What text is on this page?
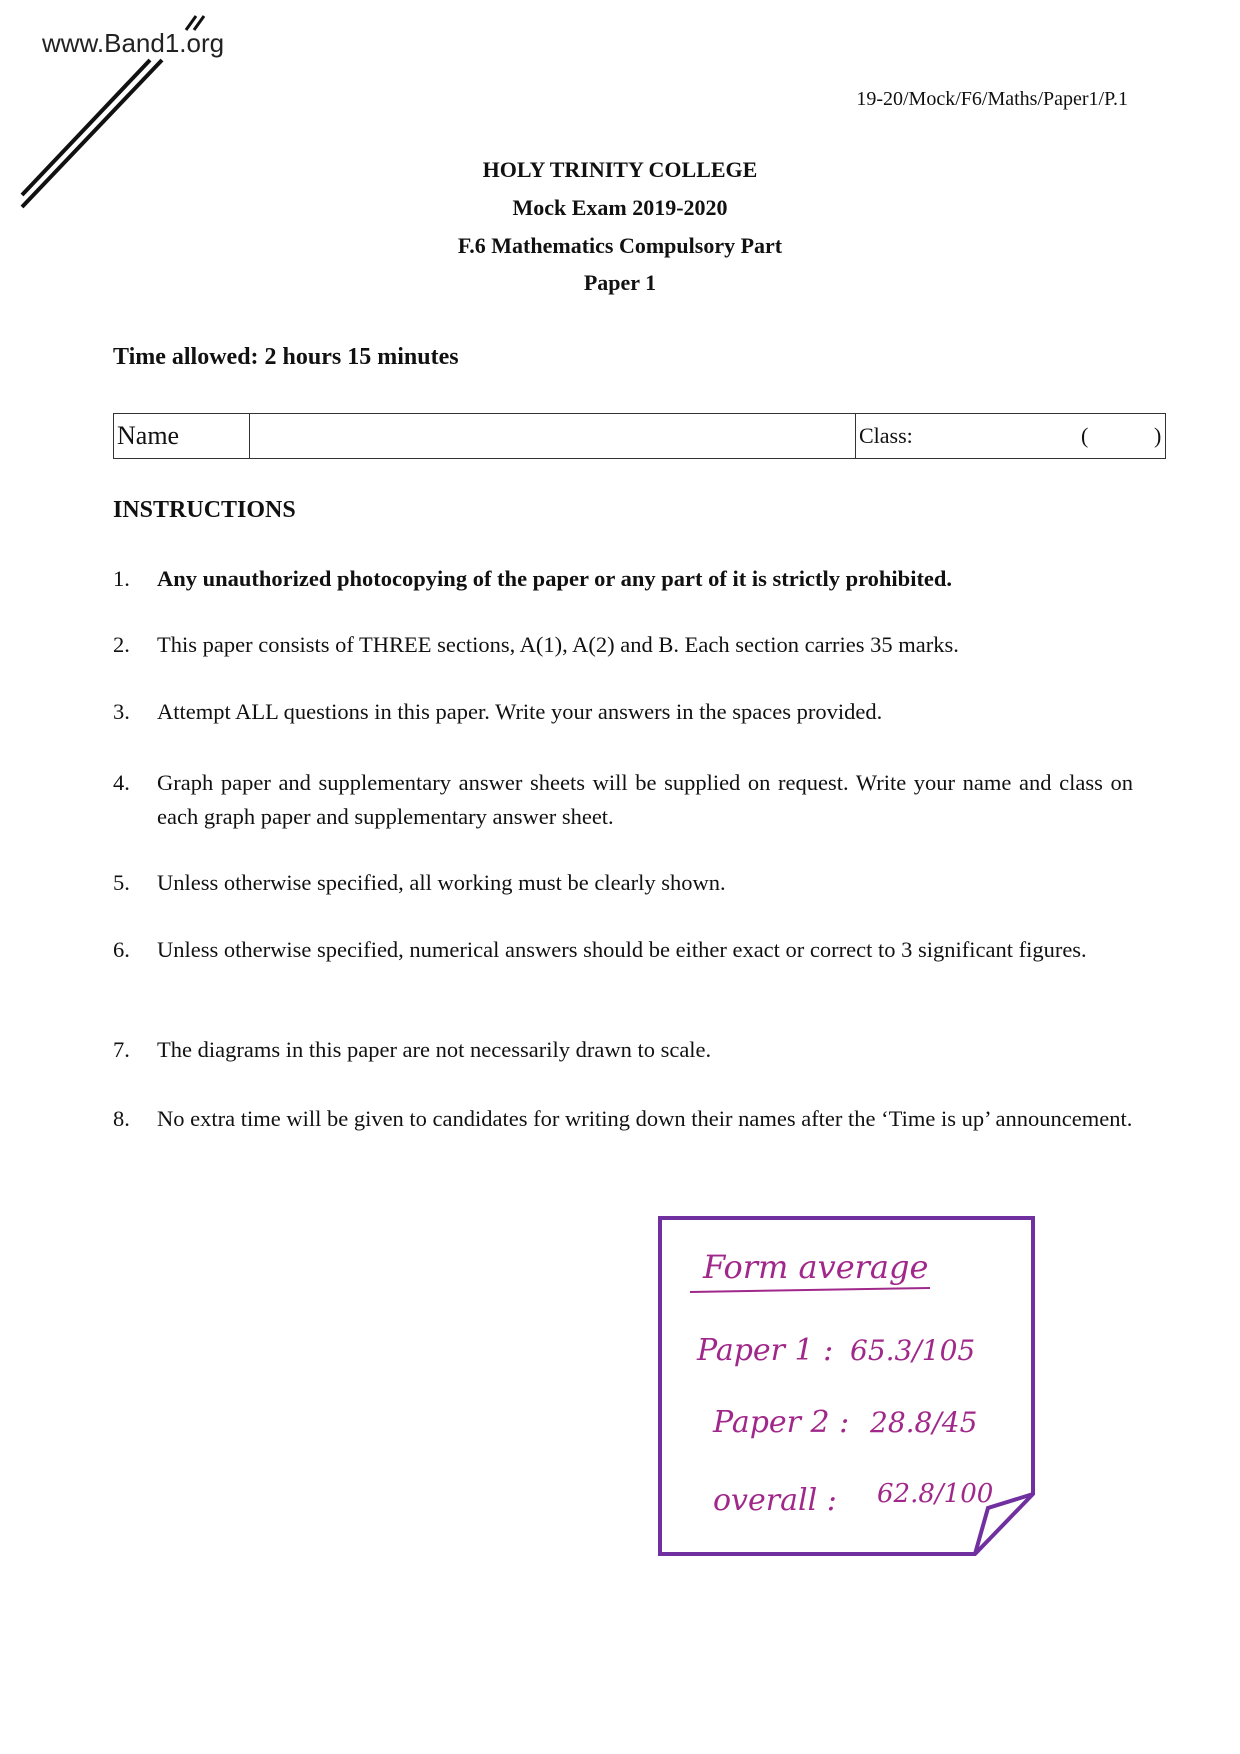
www.Band1.org
19-20/Mock/F6/Maths/Paper1/P.1
HOLY TRINITY COLLEGE
Mock Exam 2019-2020
F.6 Mathematics Compulsory Part
Paper 1
Time allowed: 2 hours 15 minutes
Name	Class:	(	)
INSTRUCTIONS
1.	Any unauthorized photocopying of the paper or any part of it is strictly prohibited.
2.	This paper consists of THREE sections, A(1), A(2) and B. Each section carries 35 marks.
3.	Attempt ALL questions in this paper. Write your answers in the spaces provided.
4.	Graph paper and supplementary answer sheets will be supplied on request. Write your name and class on each graph paper and supplementary answer sheet.
5.	Unless otherwise specified, all working must be clearly shown.
6.	Unless otherwise specified, numerical answers should be either exact or correct to 3 significant figures.
7.	The diagrams in this paper are not necessarily drawn to scale.
8.	No extra time will be given to candidates for writing down their names after the ‘Time is up’ announcement.
Form average
Paper 1 : 65.3/105
Paper 2 : 28.8/45
overall : 62.8/100
